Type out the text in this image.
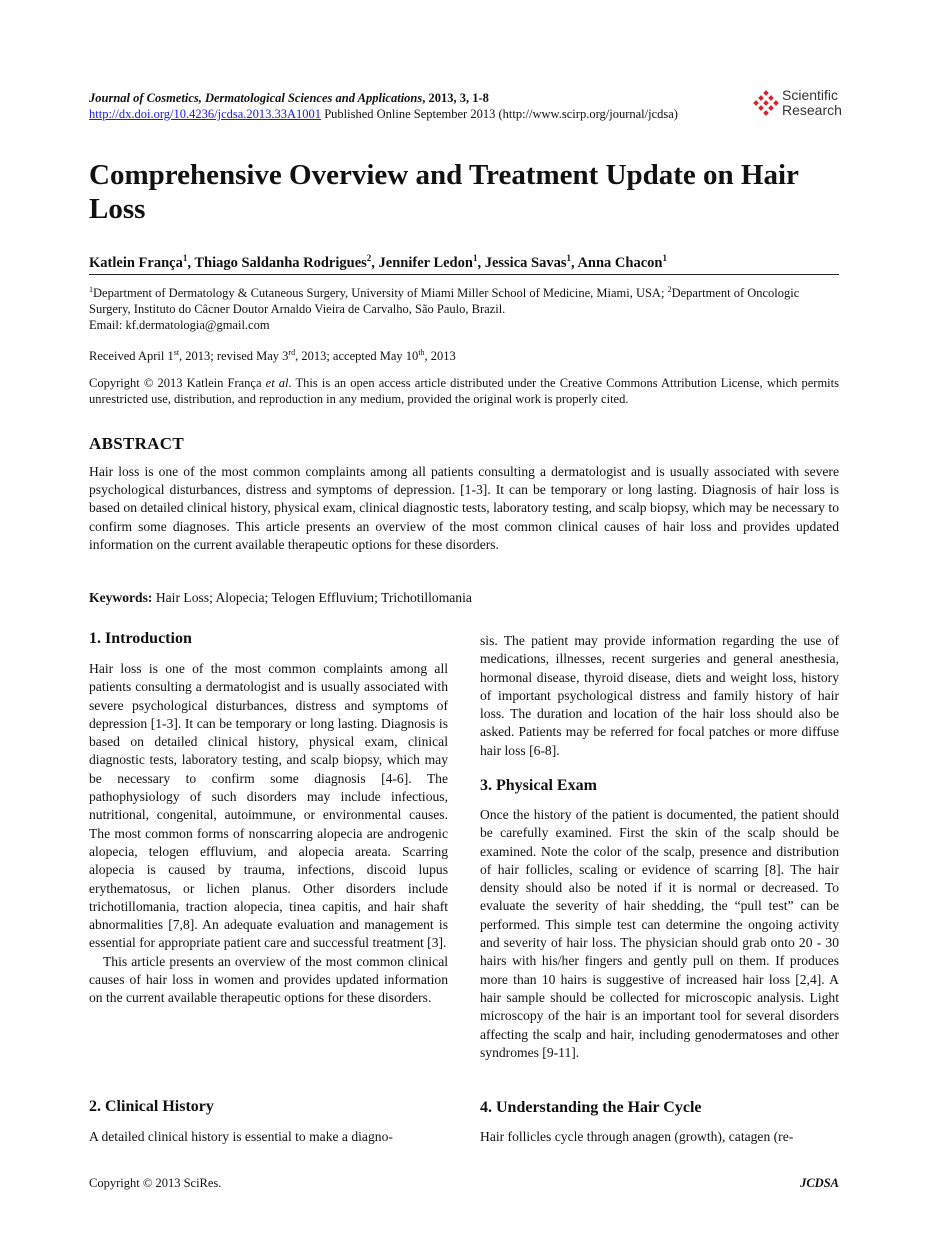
Journal of Cosmetics, Dermatological Sciences and Applications, 2013, 3, 1-8
http://dx.doi.org/10.4236/jcdsa.2013.33A1001 Published Online September 2013 (http://www.scirp.org/journal/jcdsa)
Scientific
Research
Comprehensive Overview and Treatment Update on Hair Loss
Katlein França$^1$, Thiago Saldanha Rodrigues$^2$, Jennifer Ledon$^1$, Jessica Savas$^1$, Anna Chacon$^1$
$^1$Department of Dermatology & Cutaneous Surgery, University of Miami Miller School of Medicine, Miami, USA; $^2$Department of Oncologic Surgery, Instituto do Câcner Doutor Arnaldo Vieira de Carvalho, São Paulo, Brazil.
Email: kf.dermatologia@gmail.com
Received April 1st, 2013; revised May 3rd, 2013; accepted May 10th, 2013
Copyright © 2013 Katlein França et al. This is an open access article distributed under the Creative Commons Attribution License, which permits unrestricted use, distribution, and reproduction in any medium, provided the original work is properly cited.
ABSTRACT
Hair loss is one of the most common complaints among all patients consulting a dermatologist and is usually associated with severe psychological disturbances, distress and symptoms of depression. [1-3]. It can be temporary or long lasting. Diagnosis of hair loss is based on detailed clinical history, physical exam, clinical diagnostic tests, laboratory testing, and scalp biopsy, which may be necessary to confirm some diagnoses. This article presents an overview of the most common clinical causes of hair loss and provides updated information on the current available therapeutic options for these disorders.
Keywords: Hair Loss; Alopecia; Telogen Effluvium; Trichotillomania
1. Introduction

Hair loss is one of the most common complaints among all patients consulting a dermatologist and is usually associated with severe psychological disturbances, distress and symptoms of depression [1-3]. It can be temporary or long lasting. Diagnosis is based on detailed clinical history, physical exam, clinical diagnostic tests, laboratory testing, and scalp biopsy, which may be necessary to confirm some diagnosis [4-6]. The pathophysiology of such disorders may include infectious, nutritional, congenital, autoimmune, or environmental causes. The most common forms of nonscarring alopecia are androgenic alopecia, telogen effluvium, and alopecia areata. Scarring alopecia is caused by trauma, infections, discoid lupus erythematosus, or lichen planus. Other disorders include trichotillomania, traction alopecia, tinea capitis, and hair shaft abnormalities [7,8]. An adequate evaluation and management is essential for appropriate patient care and successful treatment [3].

This article presents an overview of the most common clinical causes of hair loss in women and provides updated information on the current available therapeutic options for these disorders.

2. Clinical History

A detailed clinical history is essential to make a diagno-

sis. The patient may provide information regarding the use of medications, illnesses, recent surgeries and general anesthesia, hormonal disease, thyroid disease, diets and weight loss, history of important psychological distress and family history of hair loss. The duration and location of the hair loss should also be asked. Patients may be referred for focal patches or more diffuse hair loss [6-8].

3. Physical Exam

Once the history of the patient is documented, the patient should be carefully examined. First the skin of the scalp should be examined. Note the color of the scalp, presence and distribution of hair follicles, scaling or evidence of scarring [8]. The hair density should also be noted if it is normal or decreased. To evaluate the severity of hair shedding, the “pull test” can be performed. This simple test can determine the ongoing activity and severity of hair loss. The physician should grab onto 20 - 30 hairs with his/her fingers and gently pull on them. If produces more than 10 hairs is suggestive of increased hair loss [2,4]. A hair sample should be collected for microscopic analysis. Light microscopy of the hair is an important tool for several disorders affecting the scalp and hair, including genodermatoses and other syndromes [9-11].

4. Understanding the Hair Cycle

Hair follicles cycle through anagen (growth), catagen (re-

Copyright © 2013 SciRes.	JCDSA
